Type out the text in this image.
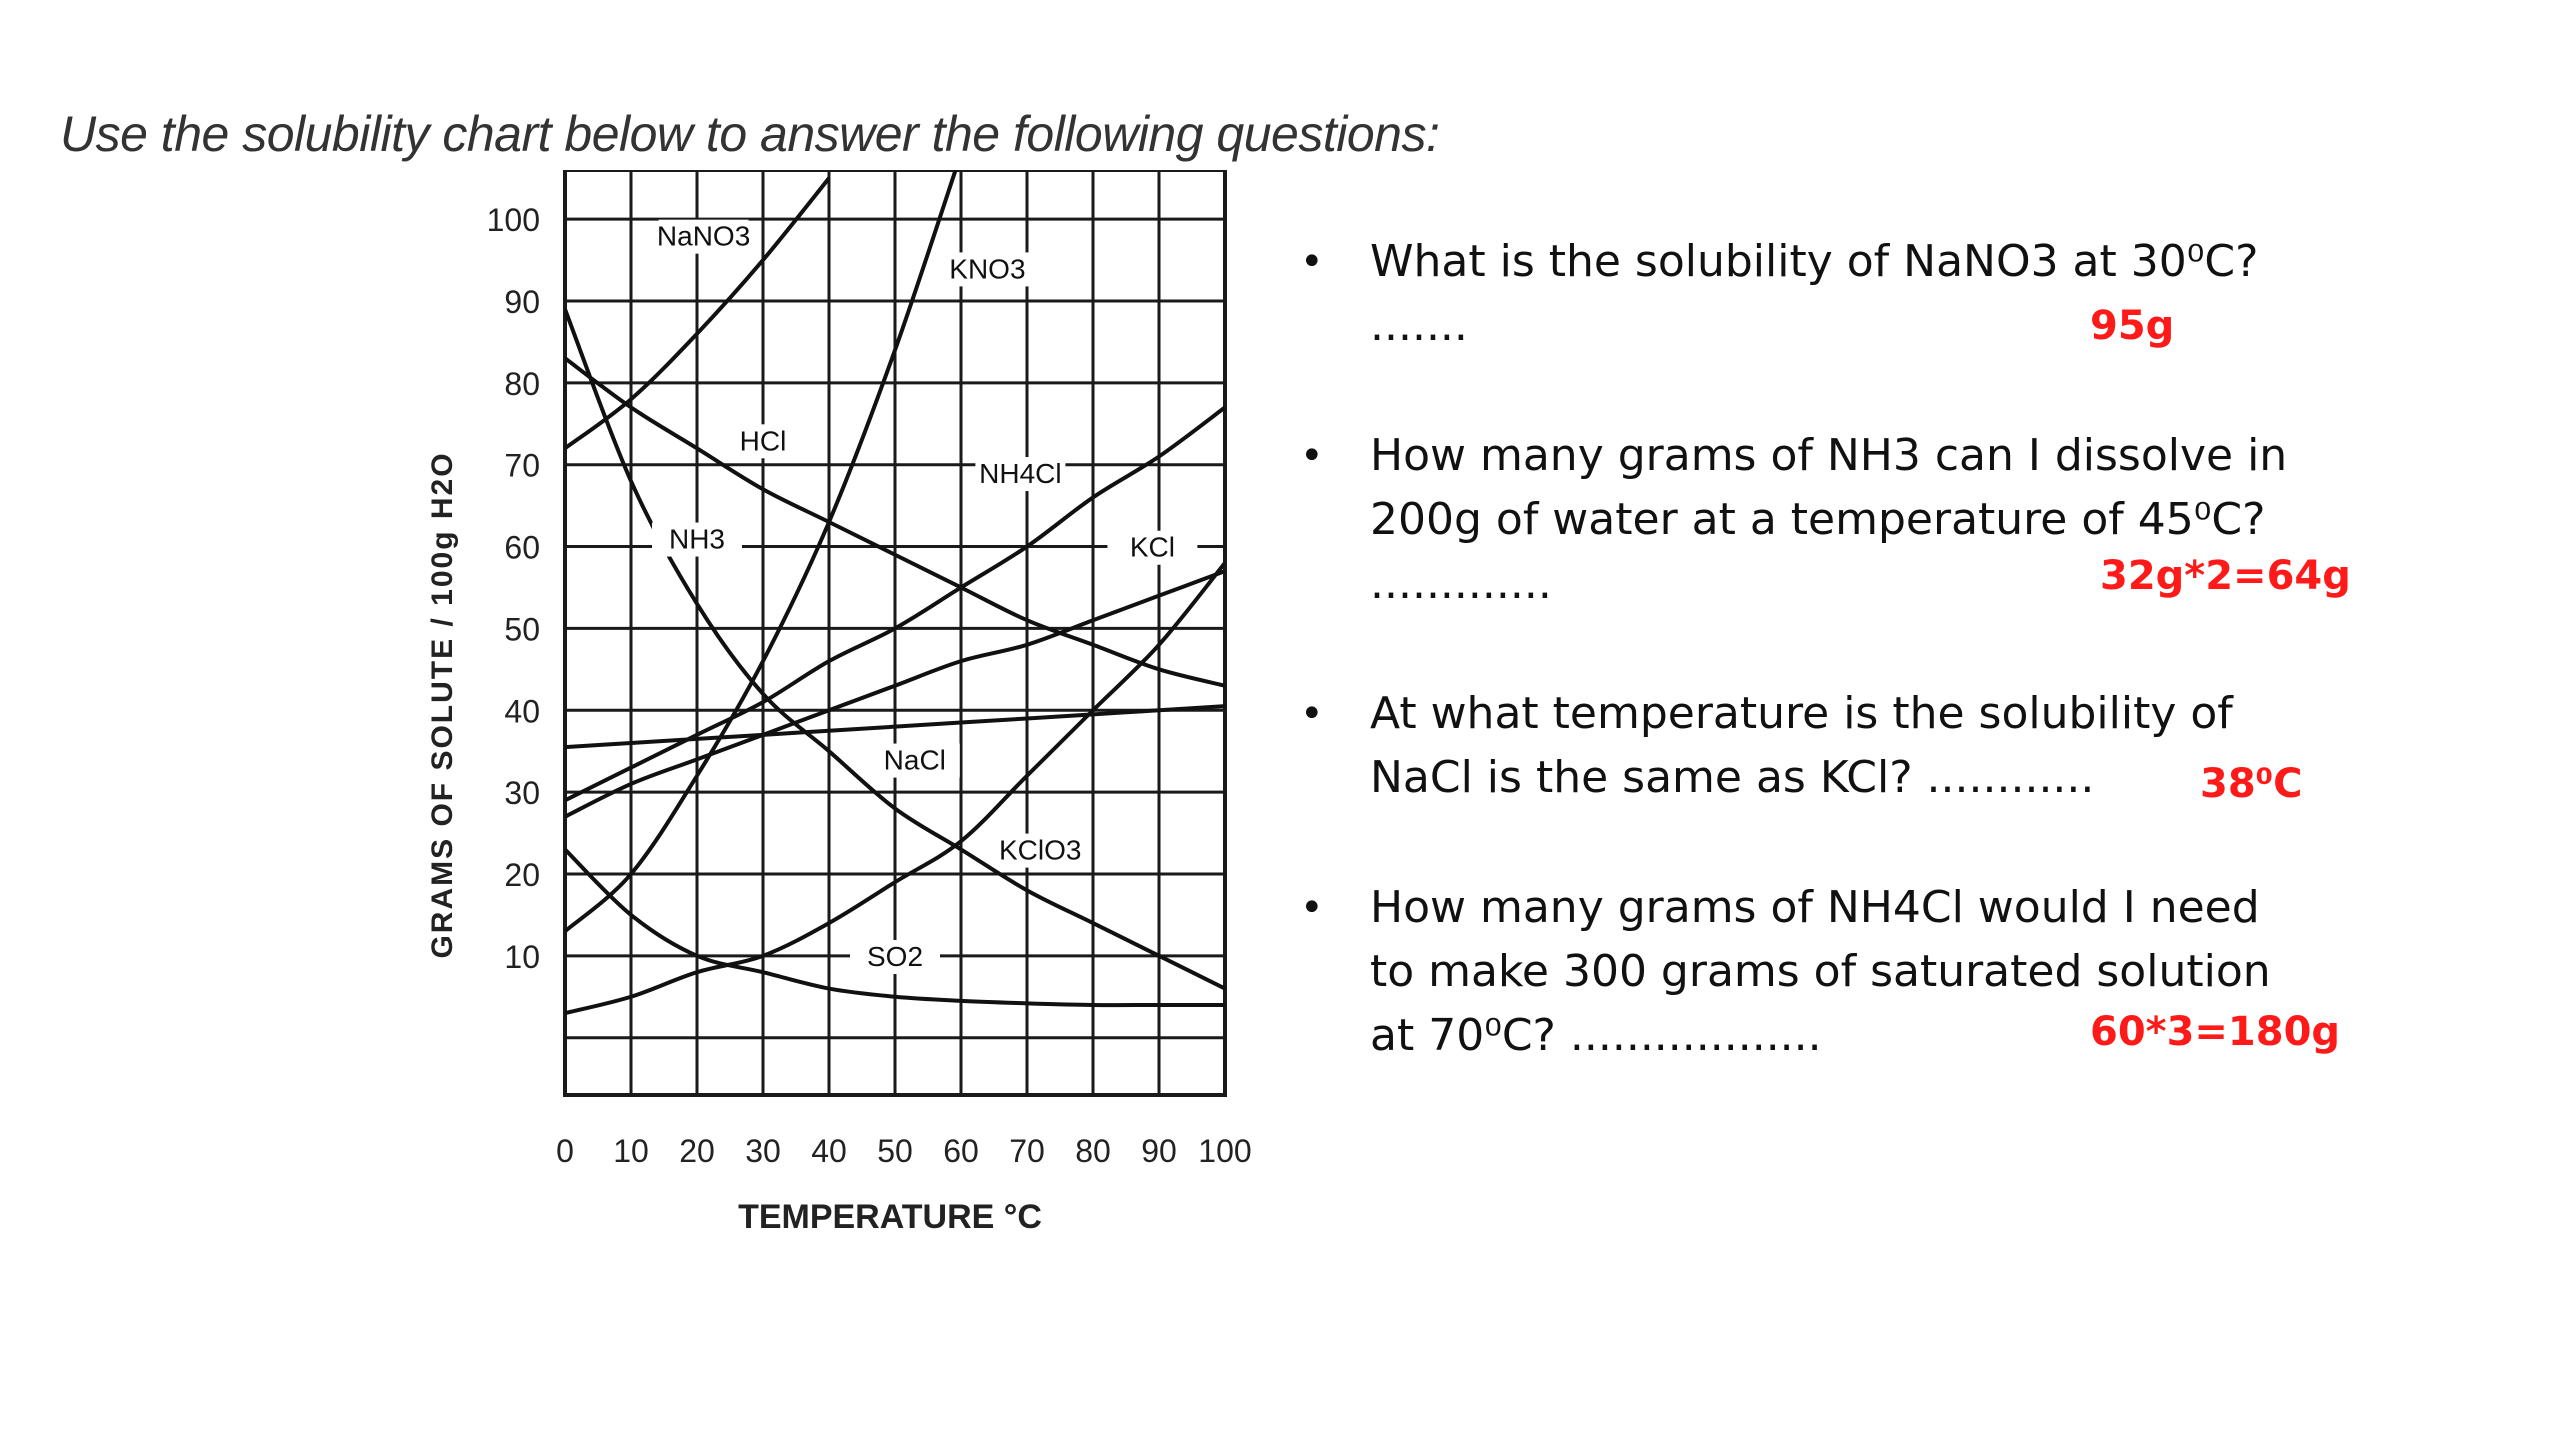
Use the solubility chart below to answer the following questions:
NaNO3
KNO3
HCl
NH4Cl
NH3	KCl
NaCl
KClO3
SO2
0 10 20 30 40 50 60 70 80 90 100
10
20
30
40
50
60
70
80
90
100
TEMPERATURE °C
GRAMS OF SOLUTE / 100g H2O
• What is the solubility of NaNO3 at 30⁰C? .......	95g
• How many grams of NH3 can I dissolve in 200g of water at a temperature of 45⁰C? .............	32g*2=64g
• At what temperature is the solubility of NaCl is the same as KCl? ............	38⁰C
• How many grams of NH4Cl would I need to make 300 grams of saturated solution at 70⁰C? ..................	60*3=180g
